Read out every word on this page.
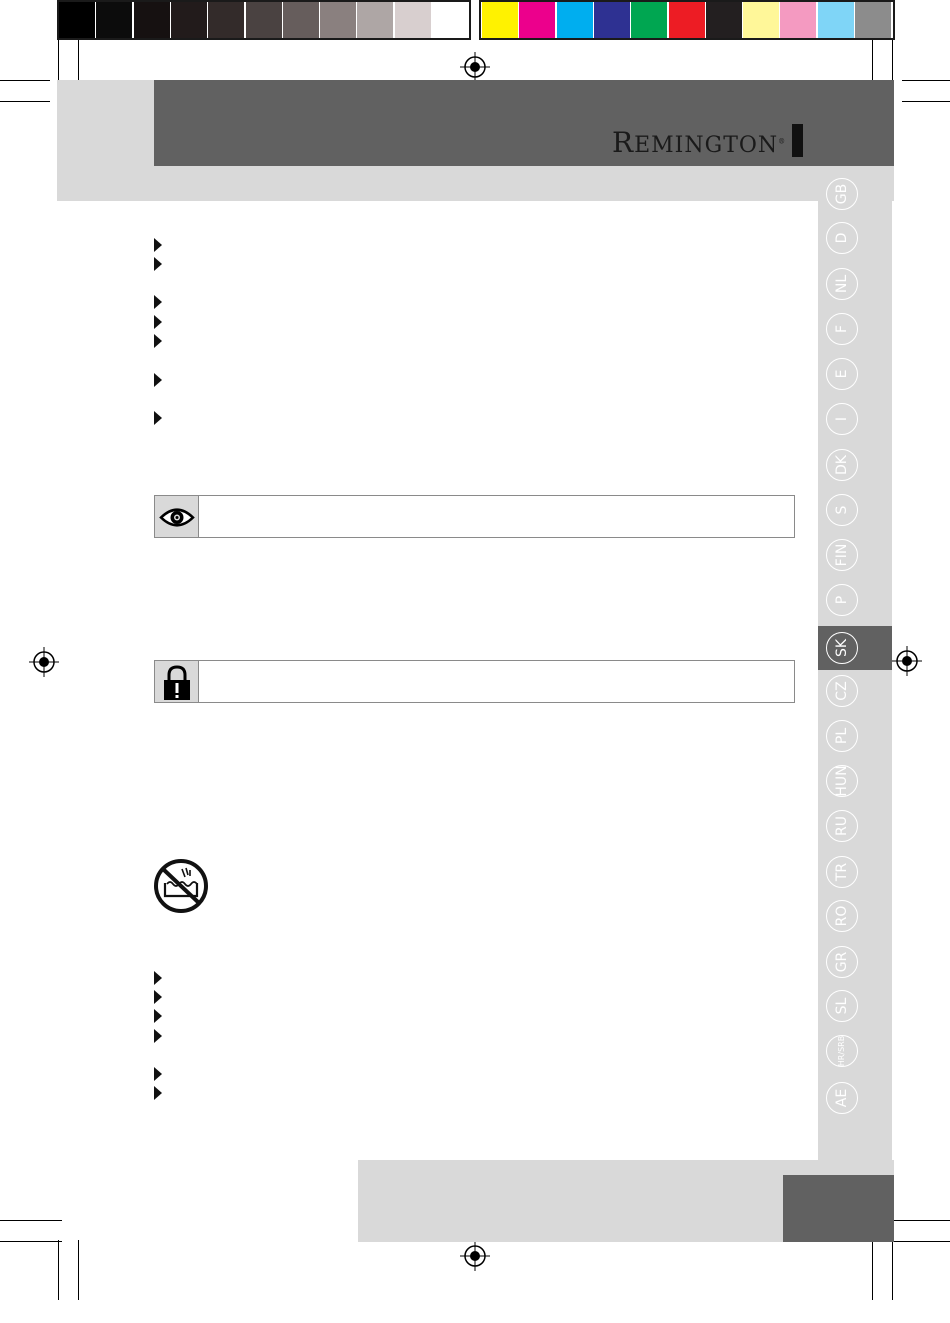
REMINGTON®
GB
D
NL
F
E
I
DK
S
FIN
P
SK
CZ
PL
HUN
RU
TR
RO
GR
SL
HR/SRB
AE
